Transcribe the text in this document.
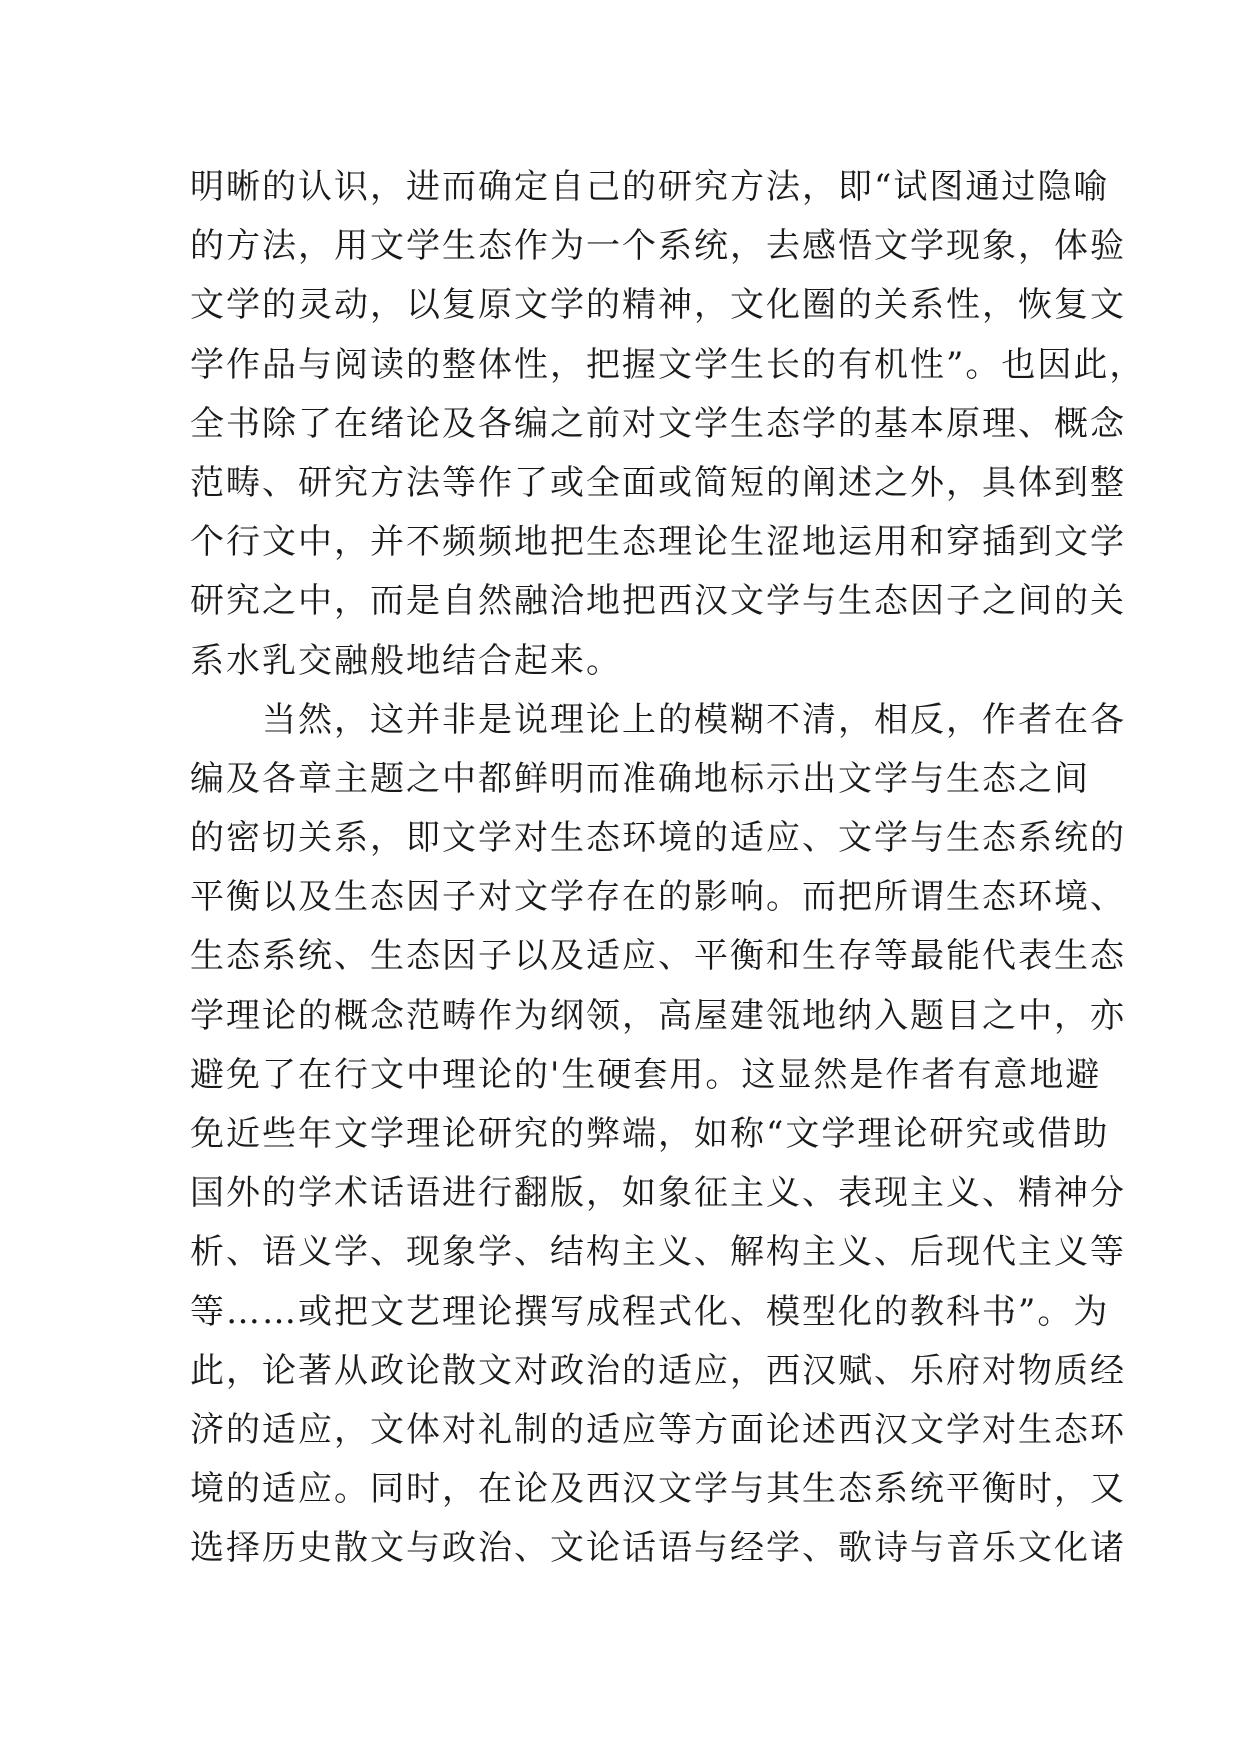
明晰的认识，进而确定自己的研究方法，即“试图通过隐喻
的方法，用文学生态作为一个系统，去感悟文学现象，体验
文学的灵动，以复原文学的精神，文化圈的关系性，恢复文
学作品与阅读的整体性，把握文学生长的有机性”。也因此，
全书除了在绪论及各编之前对文学生态学的基本原理、概念
范畴、研究方法等作了或全面或简短的阐述之外，具体到整
个行文中，并不频频地把生态理论生涩地运用和穿插到文学
研究之中，而是自然融洽地把西汉文学与生态因子之间的关
系水乳交融般地结合起来。
　　当然，这并非是说理论上的模糊不清，相反，作者在各
编及各章主题之中都鲜明而准确地标示出文学与生态之间
的密切关系，即文学对生态环境的适应、文学与生态系统的
平衡以及生态因子对文学存在的影响。而把所谓生态环境、
生态系统、生态因子以及适应、平衡和生存等最能代表生态
学理论的概念范畴作为纲领，高屋建瓴地纳入题目之中，亦
避免了在行文中理论的'生硬套用。这显然是作者有意地避
免近些年文学理论研究的弊端，如称“文学理论研究或借助
国外的学术话语进行翻版，如象征主义、表现主义、精神分
析、语义学、现象学、结构主义、解构主义、后现代主义等
等……或把文艺理论撰写成程式化、模型化的教科书”。为
此，论著从政论散文对政治的适应，西汉赋、乐府对物质经
济的适应，文体对礼制的适应等方面论述西汉文学对生态环
境的适应。同时，在论及西汉文学与其生态系统平衡时，又
选择历史散文与政治、文论话语与经学、歌诗与音乐文化诸
